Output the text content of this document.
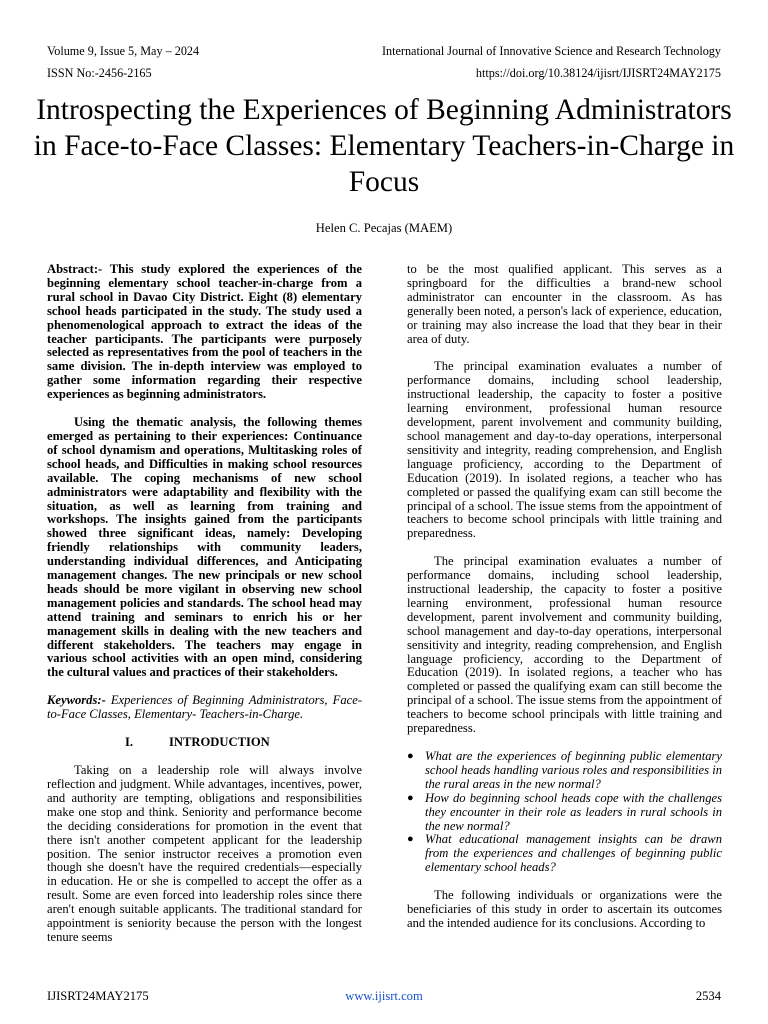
Volume 9, Issue 5, May – 2024	International Journal of Innovative Science and Research Technology
ISSN No:-2456-2165	https://doi.org/10.38124/ijisrt/IJISRT24MAY2175
Introspecting the Experiences of Beginning Administrators in Face-to-Face Classes: Elementary Teachers-in-Charge in Focus
Helen C. Pecajas (MAEM)

Abstract:- This study explored the experiences of the beginning elementary school teacher-in-charge from a rural school in Davao City District. Eight (8) elementary school heads participated in the study. The study used a phenomenological approach to extract the ideas of the teacher participants. The participants were purposely selected as representatives from the pool of teachers in the same division. The in-depth interview was employed to gather some information regarding their respective experiences as beginning administrators.

Using the thematic analysis, the following themes emerged as pertaining to their experiences: Continuance of school dynamism and operations, Multitasking roles of school heads, and Difficulties in making school resources available. The coping mechanisms of new school administrators were adaptability and flexibility with the situation, as well as learning from training and workshops. The insights gained from the participants showed three significant ideas, namely: Developing friendly relationships with community leaders, understanding individual differences, and Anticipating management changes. The new principals or new school heads should be more vigilant in observing new school management policies and standards. The school head may attend training and seminars to enrich his or her management skills in dealing with the new teachers and different stakeholders. The teachers may engage in various school activities with an open mind, considering the cultural values and practices of their stakeholders.

Keywords:- Experiences of Beginning Administrators, Face-to-Face Classes, Elementary- Teachers-in-Charge.

I.	INTRODUCTION

Taking on a leadership role will always involve reflection and judgment. While advantages, incentives, power, and authority are tempting, obligations and responsibilities make one stop and think. Seniority and performance become the deciding considerations for promotion in the event that there isn't another competent applicant for the leadership position. The senior instructor receives a promotion even though she doesn't have the required credentials—especially in education. He or she is compelled to accept the offer as a result. Some are even forced into leadership roles since there aren't enough suitable applicants. The traditional standard for appointment is seniority because the person with the longest tenure seems

to be the most qualified applicant. This serves as a springboard for the difficulties a brand-new school administrator can encounter in the classroom. As has generally been noted, a person's lack of experience, education, or training may also increase the load that they bear in their area of duty.

The principal examination evaluates a number of performance domains, including school leadership, instructional leadership, the capacity to foster a positive learning environment, professional human resource development, parent involvement and community building, school management and day-to-day operations, interpersonal sensitivity and integrity, reading comprehension, and English language proficiency, according to the Department of Education (2019). In isolated regions, a teacher who has completed or passed the qualifying exam can still become the principal of a school. The issue stems from the appointment of teachers to become school principals with little training and preparedness.

The principal examination evaluates a number of performance domains, including school leadership, instructional leadership, the capacity to foster a positive learning environment, professional human resource development, parent involvement and community building, school management and day-to-day operations, interpersonal sensitivity and integrity, reading comprehension, and English language proficiency, according to the Department of Education (2019). In isolated regions, a teacher who has completed or passed the qualifying exam can still become the principal of a school. The issue stems from the appointment of teachers to become school principals with little training and preparedness.

● What are the experiences of beginning public elementary school heads handling various roles and responsibilities in the rural areas in the new normal?
● How do beginning school heads cope with the challenges they encounter in their role as leaders in rural schools in the new normal?
● What educational management insights can be drawn from the experiences and challenges of beginning public elementary school heads?

The following individuals or organizations were the beneficiaries of this study in order to ascertain its outcomes and the intended audience for its conclusions. According to

IJISRT24MAY2175	www.ijisrt.com	2534
